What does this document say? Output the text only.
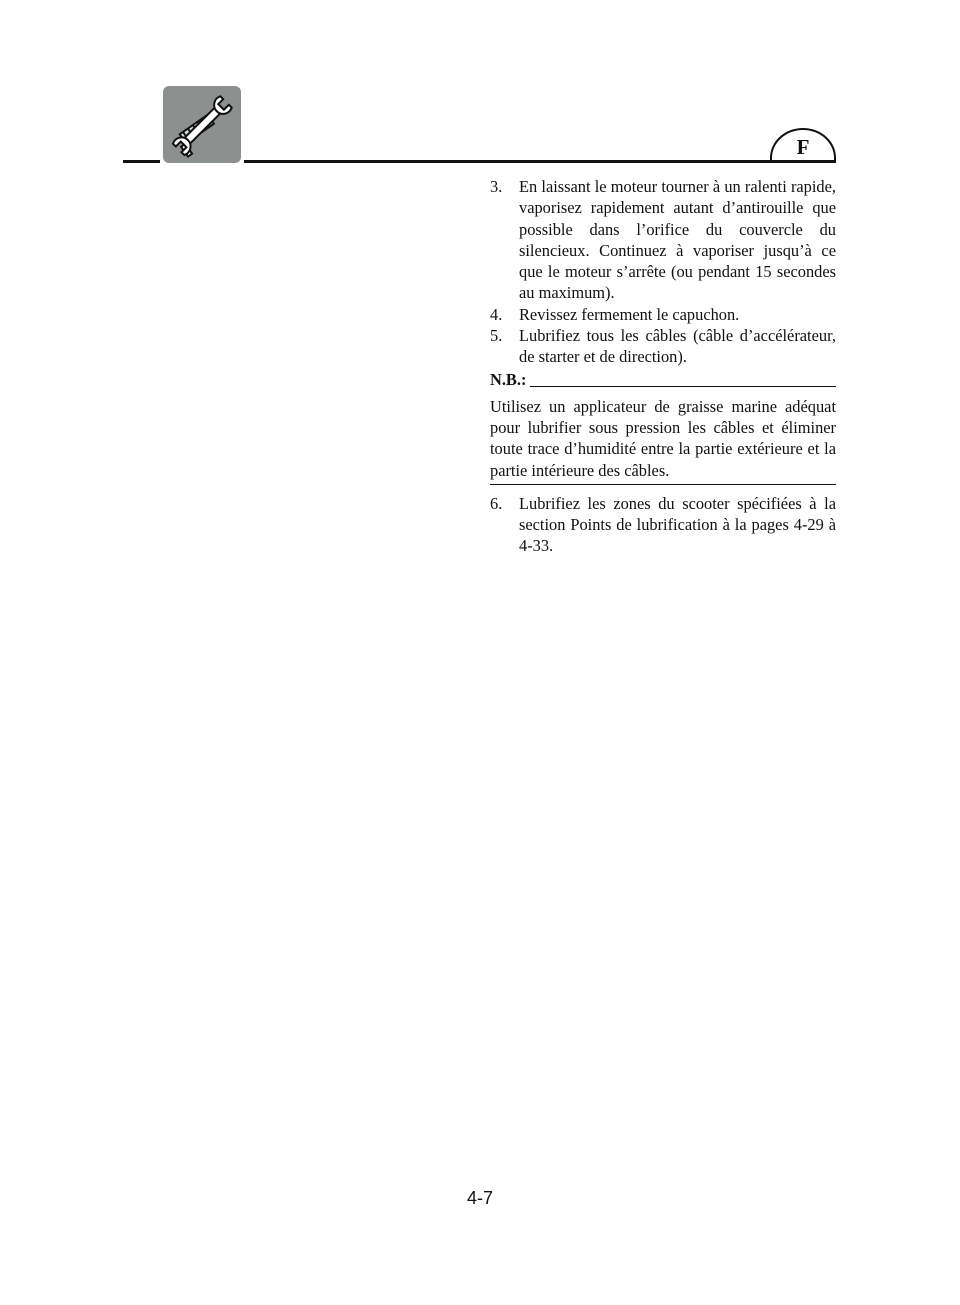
F
3.	En laissant le moteur tourner à un ralenti rapide, vaporisez rapidement autant d’antirouille que possible dans l’orifice du couvercle du silencieux. Continuez à vaporiser jusqu’à ce que le moteur s’arrête (ou pendant 15 secondes au maximum).
4.	Revissez fermement le capuchon.
5.	Lubrifiez tous les câbles (câble d’accélérateur, de starter et de direction).
N.B.:
Utilisez un applicateur de graisse marine adéquat pour lubrifier sous pression les câbles et éliminer toute trace d’humidité entre la partie extérieure et la partie intérieure des câbles.
6.	Lubrifiez les zones du scooter spécifiées à la section Points de lubrification à la pages 4-29 à 4-33.
4-7
